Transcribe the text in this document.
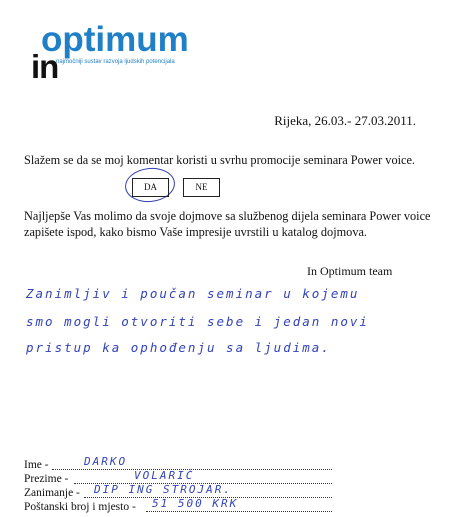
optimum
in
najmočniji sustav razvoja ljudskih potencijala
Rijeka, 26.03.- 27.03.2011.
Slažem se da se moj komentar koristi u svrhu promocije seminara Power voice.
DA	NE
Najljepše Vas molimo da svoje dojmove sa službenog dijela seminara Power voice zapišete ispod, kako bismo Vaše impresije uvrstili u katalog dojmova.
In Optimum team
Zanimljiv i poučan seminar u kojemu
smo mogli otvoriti sebe i jedan novi
pristup ka ophođenju sa ljudima.
Ime -	DARKO
Prezime -	VOLARIĆ
Zanimanje - DIP ING STROJAR.
Poštanski broj i mjesto - 51 500 KRK
